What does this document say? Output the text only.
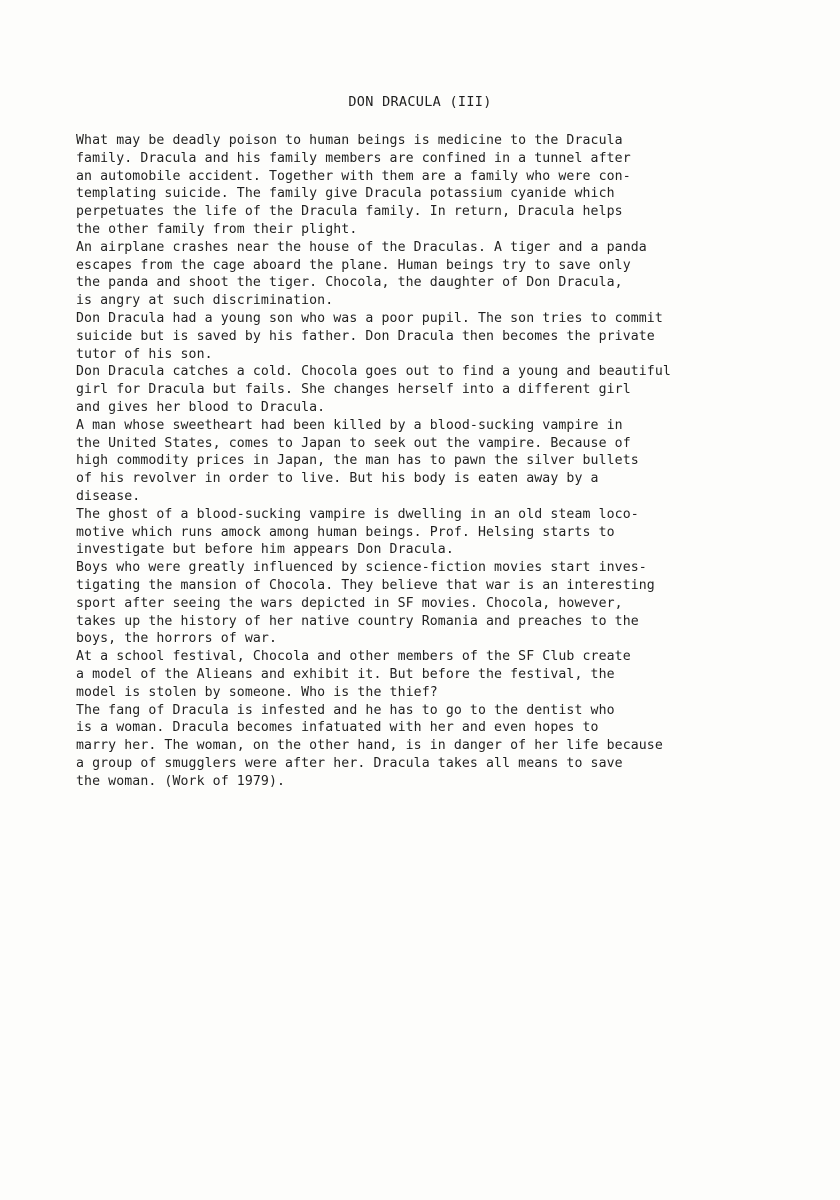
DON DRACULA (III)
What may be deadly poison to human beings is medicine to the Dracula
family. Dracula and his family members are confined in a tunnel after
an automobile accident. Together with them are a family who were con-
templating suicide. The family give Dracula potassium cyanide which
perpetuates the life of the Dracula family. In return, Dracula helps
the other family from their plight.
An airplane crashes near the house of the Draculas. A tiger and a panda
escapes from the cage aboard the plane. Human beings try to save only
the panda and shoot the tiger. Chocola, the daughter of Don Dracula,
is angry at such discrimination.
Don Dracula had a young son who was a poor pupil. The son tries to commit
suicide but is saved by his father. Don Dracula then becomes the private
tutor of his son.
Don Dracula catches a cold. Chocola goes out to find a young and beautiful
girl for Dracula but fails. She changes herself into a different girl
and gives her blood to Dracula.
A man whose sweetheart had been killed by a blood-sucking vampire in
the United States, comes to Japan to seek out the vampire. Because of
high commodity prices in Japan, the man has to pawn the silver bullets
of his revolver in order to live. But his body is eaten away by a
disease.
The ghost of a blood-sucking vampire is dwelling in an old steam loco-
motive which runs amock among human beings. Prof. Helsing starts to
investigate but before him appears Don Dracula.
Boys who were greatly influenced by science-fiction movies start inves-
tigating the mansion of Chocola. They believe that war is an interesting
sport after seeing the wars depicted in SF movies. Chocola, however,
takes up the history of her native country Romania and preaches to the
boys, the horrors of war.
At a school festival, Chocola and other members of the SF Club create
a model of the Alieans and exhibit it. But before the festival, the
model is stolen by someone. Who is the thief?
The fang of Dracula is infested and he has to go to the dentist who
is a woman. Dracula becomes infatuated with her and even hopes to
marry her. The woman, on the other hand, is in danger of her life because
a group of smugglers were after her. Dracula takes all means to save
the woman. (Work of 1979).
